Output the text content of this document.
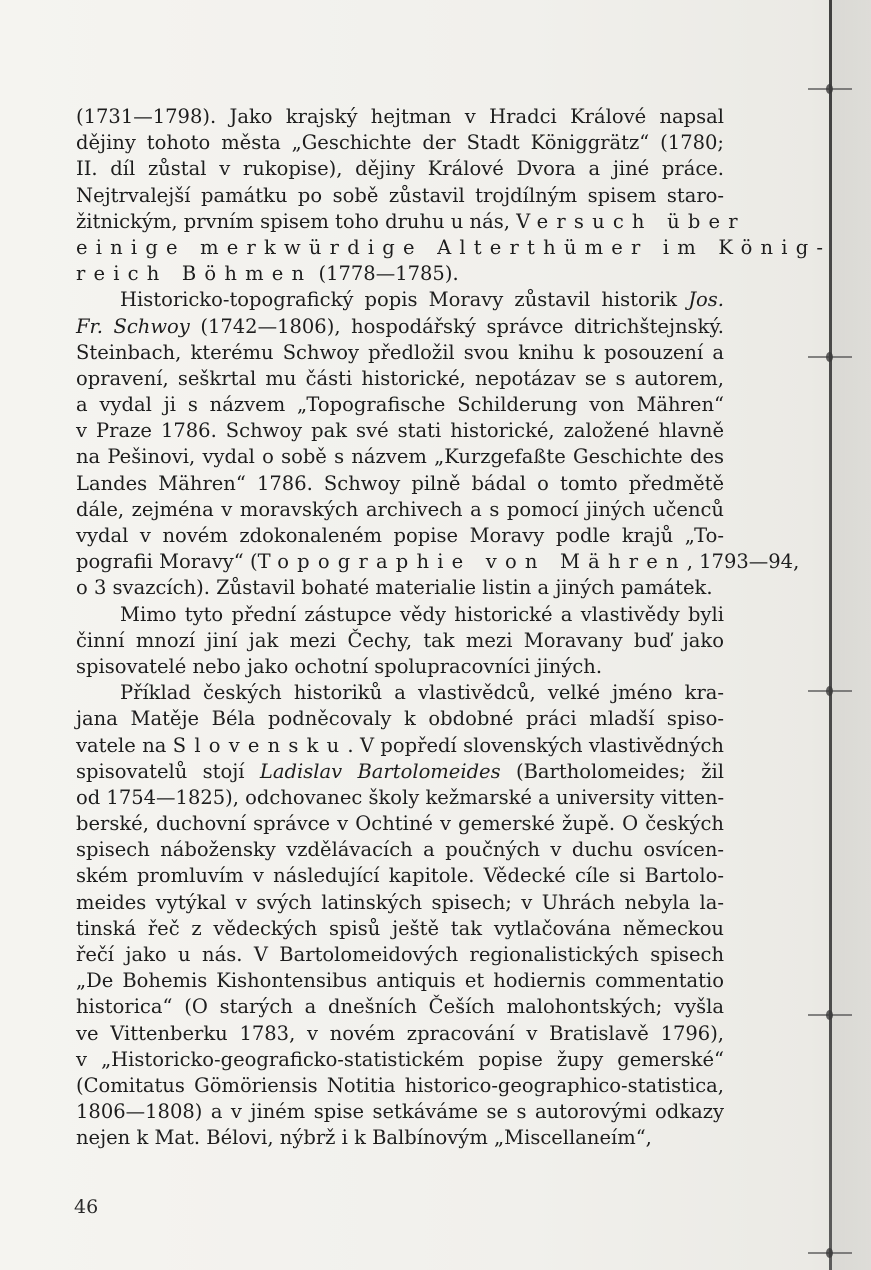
(1731—1798). Jako krajský hejtman v Hradci Králové napsal
dějiny tohoto města „Geschichte der Stadt Königgrätz“ (1780;
II. díl zůstal v rukopise), dějiny Králové Dvora a jiné práce.
Nejtrvalejší památku po sobě zůstavil trojdílným spisem staro-
žitnickým, prvním spisem toho druhu u nás, Versuch über
einige merkwürdige Alterthümer im König-
reich Böhmen (1778—1785).
Historicko-topografický popis Moravy zůstavil historik Jos.
Fr. Schwoy (1742—1806), hospodářský správce ditrichštejnský.
Steinbach, kterému Schwoy předložil svou knihu k posouzení a
opravení, seškrtal mu části historické, nepotázav se s autorem,
a vydal ji s názvem „Topografische Schilderung von Mähren“
v Praze 1786. Schwoy pak své stati historické, založené hlavně
na Pešinovi, vydal o sobě s názvem „Kurzgefaßte Geschichte des
Landes Mähren“ 1786. Schwoy pilně bádal o tomto předmětě
dále, zejména v moravských archivech a s pomocí jiných učenců
vydal v novém zdokonaleném popise Moravy podle krajů „To-
pografii Moravy“ (Topographie von Mähren, 1793—94,
o 3 svazcích). Zůstavil bohaté materialie listin a jiných památek.
Mimo tyto přední zástupce vědy historické a vlastivědy byli
činní mnozí jiní jak mezi Čechy, tak mezi Moravany buď jako
spisovatelé nebo jako ochotní spolupracovníci jiných.
Příklad českých historiků a vlastivědců, velké jméno kra-
jana Matěje Béla podněcovaly k obdobné práci mladší spiso-
vatele na Slovensku. V popředí slovenských vlastivědných
spisovatelů stojí Ladislav Bartolomeides (Bartholomeides; žil
od 1754—1825), odchovanec školy kežmarské a university vitten-
berské, duchovní správce v Ochtiné v gemerské župě. O českých
spisech nábožensky vzdělávacích a poučných v duchu osvícen-
ském promluvím v následující kapitole. Vědecké cíle si Bartolo-
meides vytýkal v svých latinských spisech; v Uhrách nebyla la-
tinská řeč z vědeckých spisů ještě tak vytlačována německou
řečí jako u nás. V Bartolomeidových regionalistických spisech
„De Bohemis Kishontensibus antiquis et hodiernis commentatio
historica“ (O starých a dnešních Češích malohontských; vyšla
ve Vittenberku 1783, v novém zpracování v Bratislavě 1796),
v „Historicko-geograficko-statistickém popise župy gemerské“
(Comitatus Gömöriensis Notitia historico-geographico-statistica,
1806—1808) a v jiném spise setkáváme se s autorovými odkazy
nejen k Mat. Bélovi, nýbrž i k Balbínovým „Miscellaneím“,
46
